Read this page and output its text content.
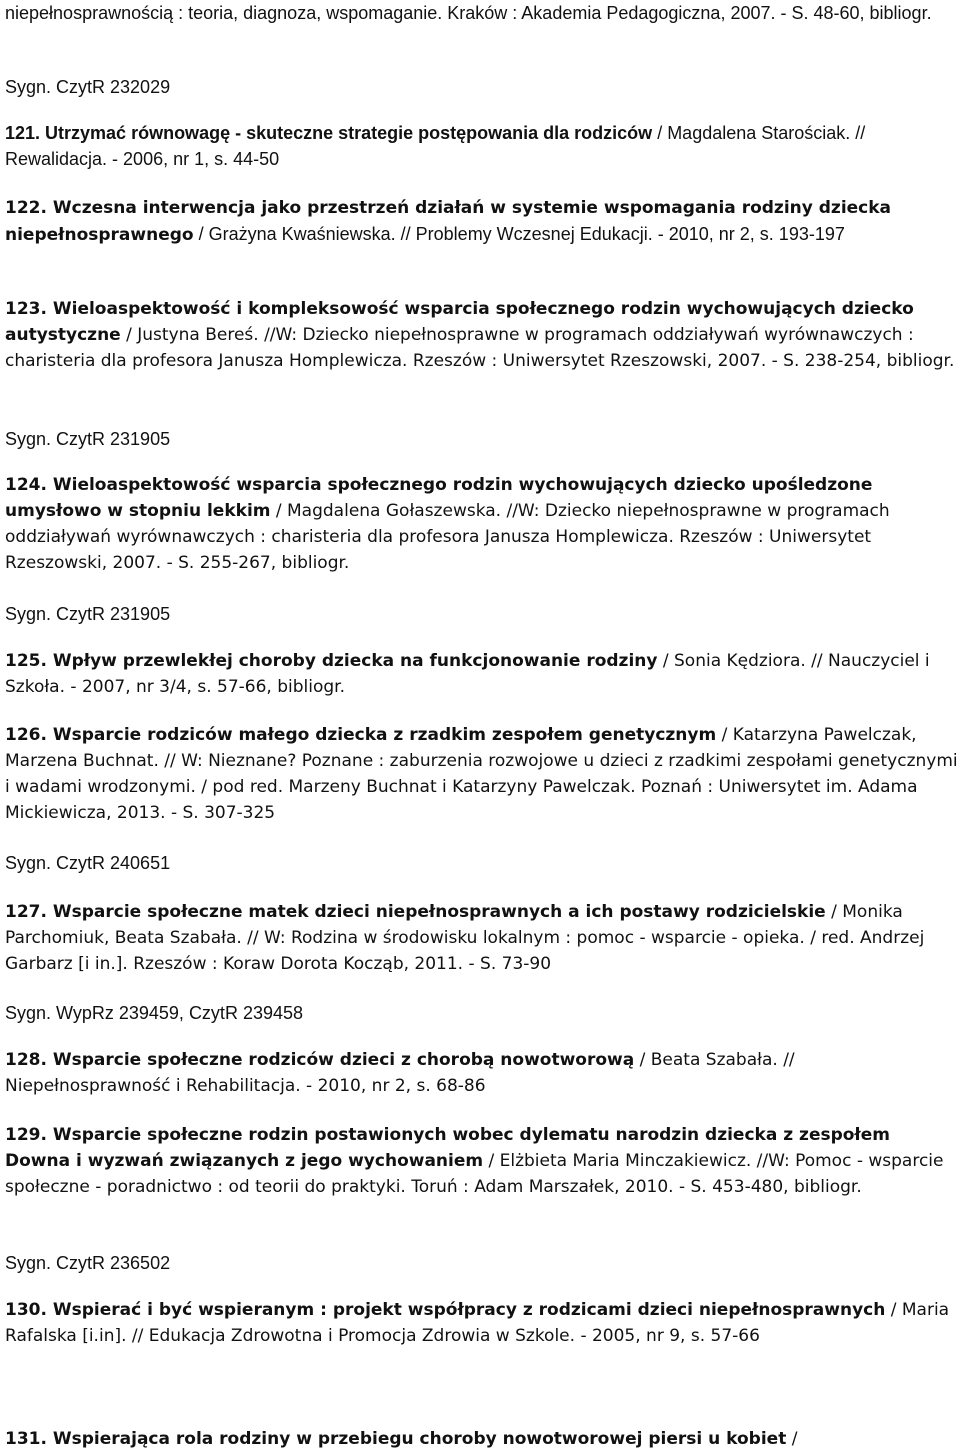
niepełnosprawnością : teoria, diagnoza, wspomaganie. Kraków : Akademia Pedagogiczna, 2007. - S. 48-60, bibliogr.

Sygn. CzytR 232029

121. Utrzymać równowagę - skuteczne strategie postępowania dla rodziców / Magdalena Starościak. // Rewalidacja. - 2006, nr 1, s. 44-50

122. Wczesna interwencja jako przestrzeń działań w systemie wspomagania rodziny dziecka niepełnosprawnego / Grażyna Kwaśniewska. // Problemy Wczesnej Edukacji. - 2010, nr 2, s. 193-197

123. Wieloaspektowość i kompleksowość wsparcia społecznego rodzin wychowujących dziecko autystyczne / Justyna Bereś. //W: Dziecko niepełnosprawne w programach oddziaływań wyrównawczych : charisteria dla profesora Janusza Homplewicza. Rzeszów : Uniwersytet Rzeszowski, 2007. - S. 238-254, bibliogr.

Sygn. CzytR 231905

124. Wieloaspektowość wsparcia społecznego rodzin wychowujących dziecko upośledzone umysłowo w stopniu lekkim / Magdalena Gołaszewska. //W: Dziecko niepełnosprawne w programach oddziaływań wyrównawczych : charisteria dla profesora Janusza Homplewicza. Rzeszów : Uniwersytet Rzeszowski, 2007. - S. 255-267, bibliogr.

Sygn. CzytR 231905

125. Wpływ przewlekłej choroby dziecka na funkcjonowanie rodziny / Sonia Kędziora. // Nauczyciel i Szkoła. - 2007, nr 3/4, s. 57-66, bibliogr.

126. Wsparcie rodziców małego dziecka z rzadkim zespołem genetycznym / Katarzyna Pawelczak, Marzena Buchnat. // W: Nieznane? Poznane : zaburzenia rozwojowe u dzieci z rzadkimi zespołami genetycznymi i wadami wrodzonymi. / pod red. Marzeny Buchnat i Katarzyny Pawelczak. Poznań : Uniwersytet im. Adama Mickiewicza, 2013. - S. 307-325

Sygn. CzytR 240651

127. Wsparcie społeczne matek dzieci niepełnosprawnych a ich postawy rodzicielskie / Monika Parchomiuk, Beata Szabała. // W: Rodzina w środowisku lokalnym : pomoc - wsparcie - opieka. / red. Andrzej Garbarz [i in.]. Rzeszów : Koraw Dorota Kocząb, 2011. - S. 73-90

Sygn. WypRz 239459, CzytR 239458

128. Wsparcie społeczne rodziców dzieci z chorobą nowotworową / Beata Szabała. // Niepełnosprawność i Rehabilitacja. - 2010, nr 2, s. 68-86

129. Wsparcie społeczne rodzin postawionych wobec dylematu narodzin dziecka z zespołem Downa i wyzwań związanych z jego wychowaniem / Elżbieta Maria Minczakiewicz. //W: Pomoc - wsparcie społeczne - poradnictwo : od teorii do praktyki. Toruń : Adam Marszałek, 2010. - S. 453-480, bibliogr.

Sygn. CzytR 236502

130. Wspierać i być wspieranym : projekt współpracy z rodzicami dzieci niepełnosprawnych / Maria Rafalska [i.in]. // Edukacja Zdrowotna i Promocja Zdrowia w Szkole. - 2005, nr 9, s. 57-66

131. Wspierająca rola rodziny w przebiegu choroby nowotworowej piersi u kobiet /
